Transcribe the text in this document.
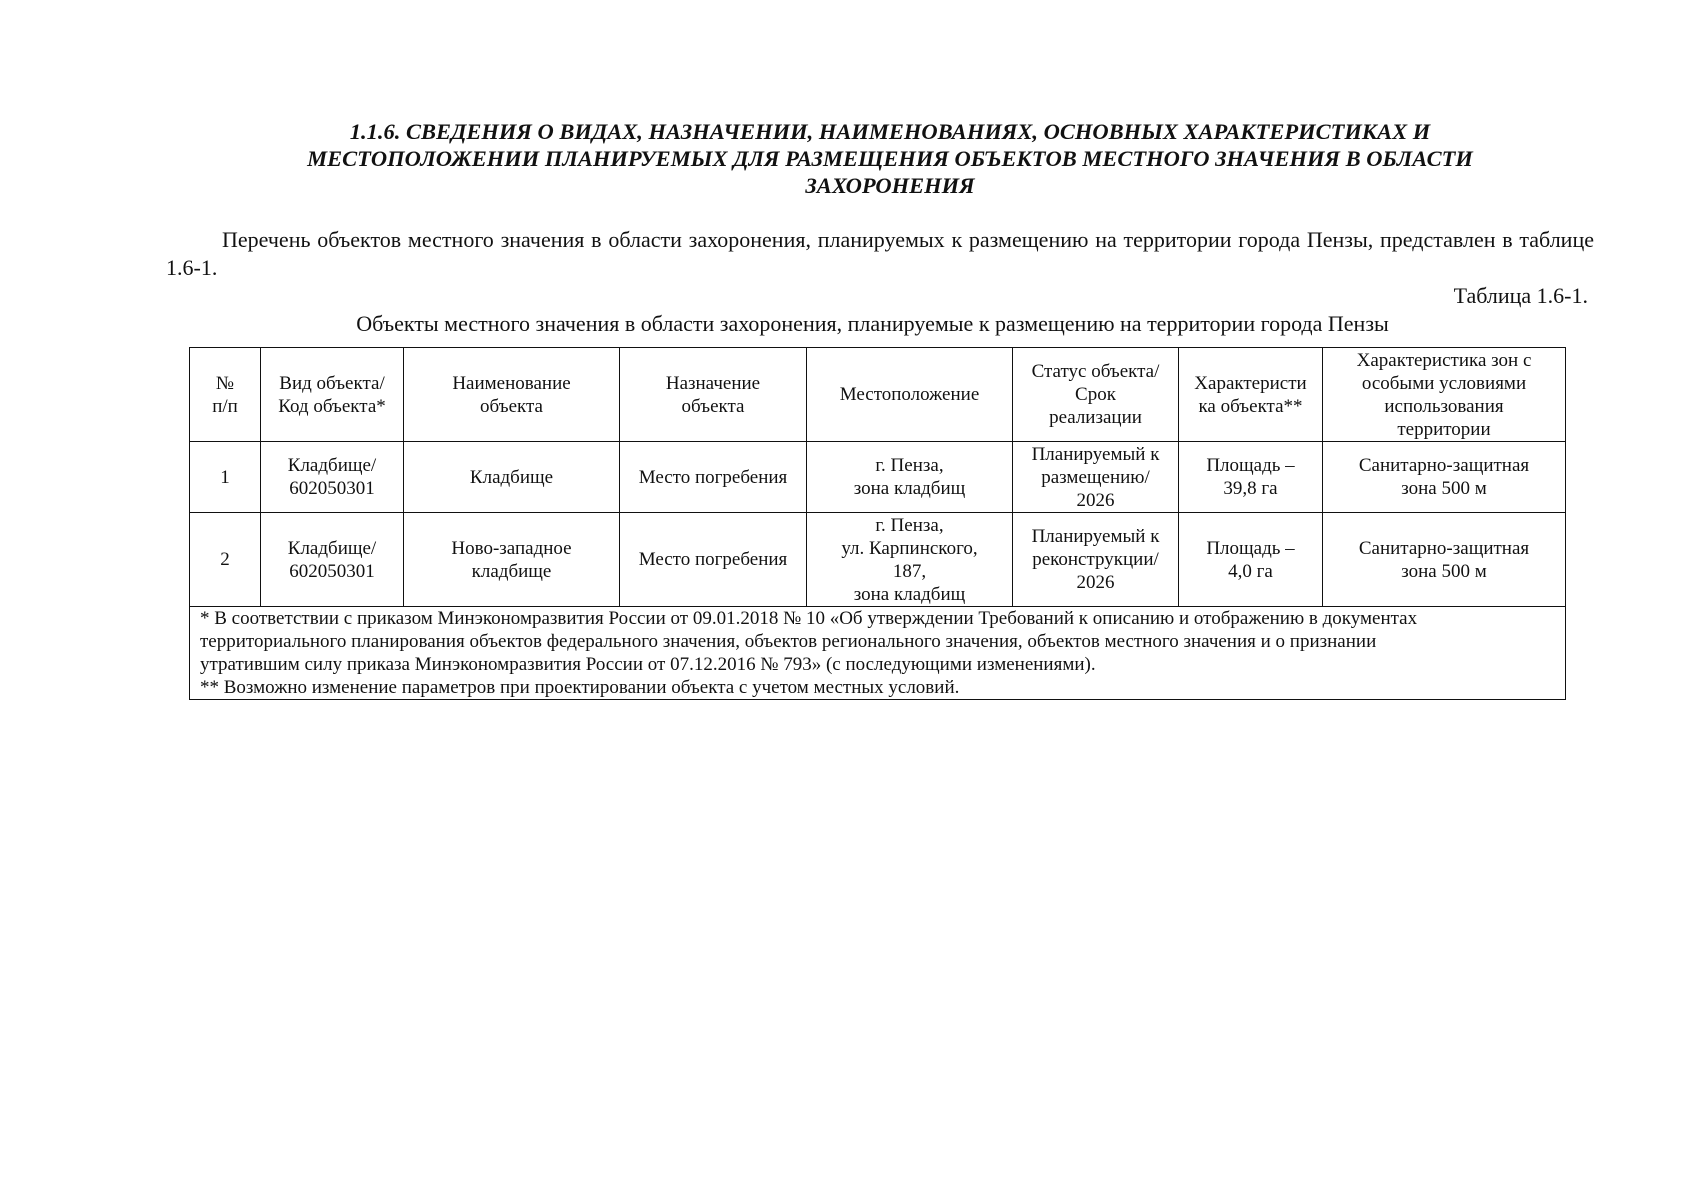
1.1.6. СВЕДЕНИЯ О ВИДАХ, НАЗНАЧЕНИИ, НАИМЕНОВАНИЯХ, ОСНОВНЫХ ХАРАКТЕРИСТИКАХ И
МЕСТОПОЛОЖЕНИИ ПЛАНИРУЕМЫХ ДЛЯ РАЗМЕЩЕНИЯ ОБЪЕКТОВ МЕСТНОГО ЗНАЧЕНИЯ В ОБЛАСТИ
ЗАХОРОНЕНИЯ

Перечень объектов местного значения в области захоронения, планируемых к размещению на территории города Пензы, представлен в таблице 1.6-1.

Таблица 1.6-1.

Объекты местного значения в области захоронения, планируемые к размещению на территории города Пензы

№
п/п	Вид объекта/
Код объекта*	Наименование
объекта	Назначение
объекта	Местоположение	Статус объекта/
Срок
реализации	Характеристи
ка объекта**	Характеристика зон с
особыми условиями
использования
территории

1	Кладбище/
602050301	Кладбище	Место погребения	г. Пенза,
зона кладбищ	Планируемый к
размещению/
2026	Площадь –
39,8 га	Санитарно-защитная
зона 500 м

2	Кладбище/
602050301	Ново-западное
кладбище	Место погребения	г. Пенза,
ул. Карпинского,
187,
зона кладбищ	Планируемый к
реконструкции/
2026	Площадь –
4,0 га	Санитарно-защитная
зона 500 м

* В соответствии с приказом Минэкономразвития России от 09.01.2018 № 10 «Об утверждении Требований к описанию и отображению в документах
территориального планирования объектов федерального значения, объектов регионального значения, объектов местного значения и о признании
утратившим силу приказа Минэкономразвития России от 07.12.2016 № 793» (с последующими изменениями).
** Возможно изменение параметров при проектировании объекта с учетом местных условий.							
